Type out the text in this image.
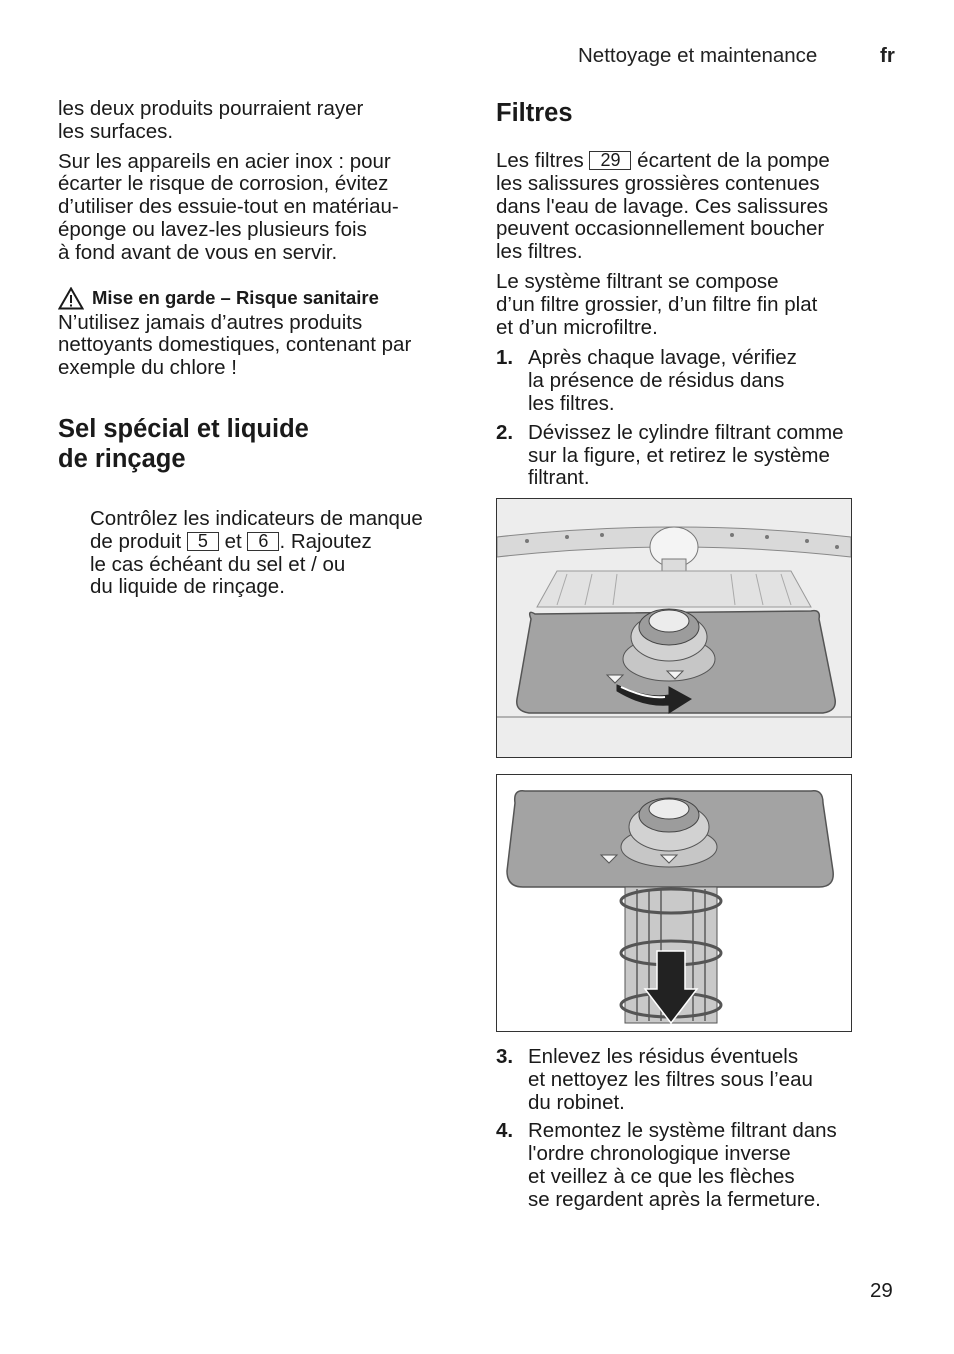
Nettoyage et maintenance	fr

les deux produits pourraient rayer
les surfaces.

Sur les appareils en acier inox : pour
écarter le risque de corrosion, évitez
d’utiliser des essuie-tout en matériau-
éponge ou lavez-les plusieurs fois
à fond avant de vous en servir.

Mise en garde – Risque sanitaire

N’utilisez jamais d’autres produits
nettoyants domestiques, contenant par
exemple du chlore !

Sel spécial et liquide
de rinçage

Contrôlez les indicateurs de manque
de produit 5 et 6 . Rajoutez
le cas échéant du sel et / ou
du liquide de rinçage.

Filtres

Les filtres 29 écartent de la pompe
les salissures grossières contenues
dans l'eau de lavage. Ces salissures
peuvent occasionnellement boucher
les filtres.

Le système filtrant se compose
d’un filtre grossier, d’un filtre fin plat
et d’un microfiltre.

1. Après chaque lavage, vérifiez
la présence de résidus dans
les filtres.
2. Dévissez le cylindre filtrant comme
sur la figure, et retirez le système
filtrant.
3. Enlevez les résidus éventuels
et nettoyez les filtres sous l’eau
du robinet.
4. Remontez le système filtrant dans
l'ordre chronologique inverse
et veillez à ce que les flèches
se regardent après la fermeture.
29
